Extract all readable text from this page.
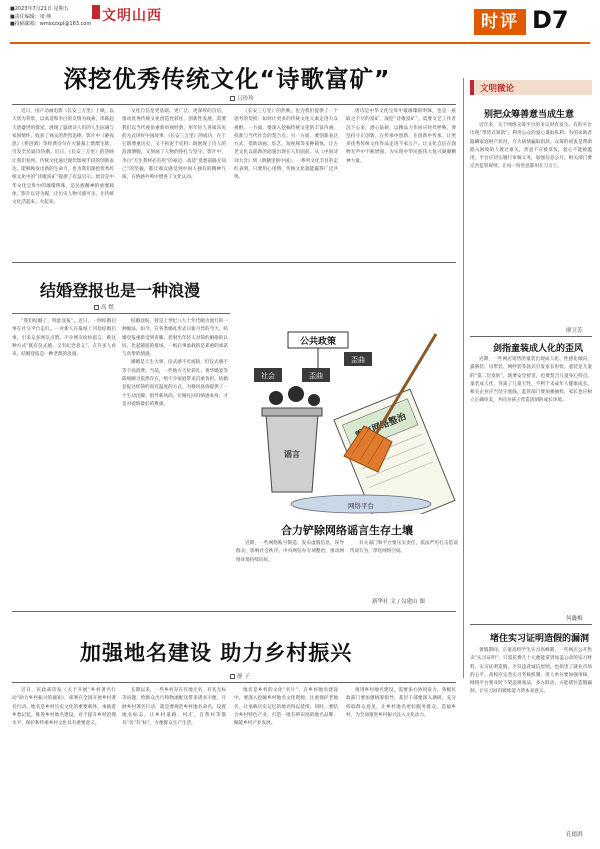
■2023年7月21日 星期五
■责任编辑：靖 峥
■投稿邮箱：wmsxzxpl@163.com 文明山西	时评 D7
深挖优秀传统文化“诗歌富矿”
吕珍珍

近日，国产动画电影《长安三万里》上映，以大唐为背景，以高适和李白的友情为线索，串联起大唐盛世的群星，展现了盛唐诗人们的人生际遇与家国情怀，收获了观众的热烈追捧。影片中《静夜思》《将进酒》等经典诗句在大银幕上熠熠生辉，引发全民诵诗热潮。近日，《长安三万里》的热映让我们看到，传统文化通过现代影视手段的创新表达，能够焕发出新的生命力，也为我们深挖优秀传统文化中的“诗歌富矿”提供了有益启示。唐诗是中华文化宝库中的璀璨明珠，是民族精神的重要载体，影片以诗为媒，让历史人物可感可亲，让传统文化活起来、火起来。

文化自信是更基础、更广泛、更深厚的自信。推动优秀传统文化创造性转化、创新性发展，需要我们以当代视角重新审视经典，用年轻人喜闻乐见的方式讲好中国故事。《长安三万里》的成功，在于它既尊重历史，又不拘泥于史料；既展现了诗人的浪漫洒脱，又刻画了人物的挣扎与坚守。影片中，李白“天生我材必有用”的豪迈，高适“莫愁前路无知己”的坚毅，都让观众感受到中国人独有的精神气质，在情感共鸣中增进了文化认同。

《长安三万里》的热映，也为我们提供了一个思考的契机：如何让更多的传统文化元素走进大众视野。一方面，要深入挖掘传统文化的丰富内涵，找准与当代社会的契合点；另一方面，要创新表达方式，借助动画、综艺、短视频等多种载体，让古老文化以崭新的面貌出现在人们面前。从《中国诗词大会》到《典籍里的中国》，一系列文化节目的走红表明，只要用心用情，传统文化就能赢得广泛共鸣。

唐诗是中华文化宝库中最璀璨的明珠，也是一座取之不尽的富矿。深挖“诗歌富矿”，需要文艺工作者沉下心来，潜心钻研，以精品力作回应时代呼唤。要坚持守正创新，在传承中创新，在创新中传承，让更多优秀传统文化作品走进千家万户，让文化自信在润物无声中不断增强，为实现中华民族伟大复兴凝聚精神力量。

文明微论
别把众筹善意当成生意

近年来，关于网络众筹平台的争议时有发生。有的平台出现“带货式筹款”，利用公众的爱心谋取私利；有的求助者隐瞒家庭财产状况，夸大病情骗取捐款。众筹的初衷是帮助陷入困境的人渡过难关，善意不应被辜负，爱心不能被滥用。平台应切实履行审核义务，加强信息公开，相关部门要完善监管规则，让每一份善意都用在刀刃上。

廖卫芳
剑指童装成人化的歪风

近期，一些网店销售的童装出现成人化、性感化倾向，露脐装、吊带装、网纱装等款式引发家长担忧。童装是儿童的“第二层皮肤”，既要安全舒适，也要契合儿童身心特点。童装成人化，背离了儿童天性，不利于未成年人健康成长。相关企业应当坚守底线，监管部门要加强抽检，家长也应树立正确审美，共同为孩子营造清朗的成长环境。

何鑫梅
堵住实习证明造假的漏洞

暑假期间，正值高校学生实习高峰期，一些网店公开售卖“实习证明”，只需花费几十元便能拿到加盖公章的实习材料。实习证明造假，不仅违背诚信原则，也损害了就业市场的公平。高校应完善实习考核机制，用人单位要加强审核，网络平台要及时下架违规商品，多方联动，方能堵住造假漏洞，让实习回归锻炼能力的本来意义。

孔德淇
结婚登报也是一种浪漫
高 燃

“我们结婚了，特此登报”。近日，一则结婚启事在社交平台走红。一对新人在报纸上刊登结婚启事，引来众多网友点赞。不少网友纷纷留言，称这种方式“既有仪式感，又有纪念意义”。在许多人看来，结婚登报是一种老派的浪漫。

结婚登报，曾是上世纪八九十年代颇为流行的一种做法。如今，在各类婚礼形式日新月异的今天，结婚登报重新受到青睐，折射出年轻人对简约婚俗的认同。比起铺张的排场，一纸启事承载的是郑重的承诺与真挚的情感。

婚姻是人生大事，仪式感不可或缺，但仪式感不等于高消费。当前，一些地方天价彩礼、奢华婚宴等陈规陋习依然存在，给不少家庭带来沉重负担。结婚登报这样简约而有温度的方式，为移风易俗提供了一个生动注脚。倡导新风尚，让婚礼回归情感本身，才是对爱情最好的尊重。

网络平台
公共政策
社会	歪曲
歪曲
谣言
合力铲除网络谣言生存土壤

近期，一些网络账号制造、发布虚假信息，误导群众，影响社会秩序。中央网信办专项整治，推动网络环境持续向好。

有关部门和平台要压实责任，依法严厉打击造谣传谣行为，净化网络空间。

新华社 文 / 勾建山 图
加强地名建设 助力乡村振兴
静 子

近日，民政部印发《关于开展“乡村著名行动”助力乡村振兴的通知》，部署在全国开展乡村著名行动。地名是乡村历史文化的重要载体，承载着乡愁记忆。推进乡村地名建设，对于提升乡村治理水平、保护和传承乡村文化具有重要意义。

长期以来，一些乡村存在有地无名、有名无标等问题，给群众出行和物流配送带来诸多不便。开展乡村著名行动，就是要规范乡村地名命名，设置地名标志，让乡村道路、村庄、自然村等都有“名”有“标”，方便群众生产生活。

地名是乡村的文化“名片”。在乡村地名建设中，要深入挖掘乡村地名文化资源，注重保护老地名，让承载历史记忆的地名得以延续。同时，要结合乡村特色产业，打造一批有辨识度的地名品牌，赋能乡村产业发展。

推进乡村地名建设，需要多方协同发力。各级民政部门要加强统筹指导，基层干部要深入调研，充分听取群众意见，让乡村地名更好服务群众、造福乡村，为全面推进乡村振兴注入文化动力。
